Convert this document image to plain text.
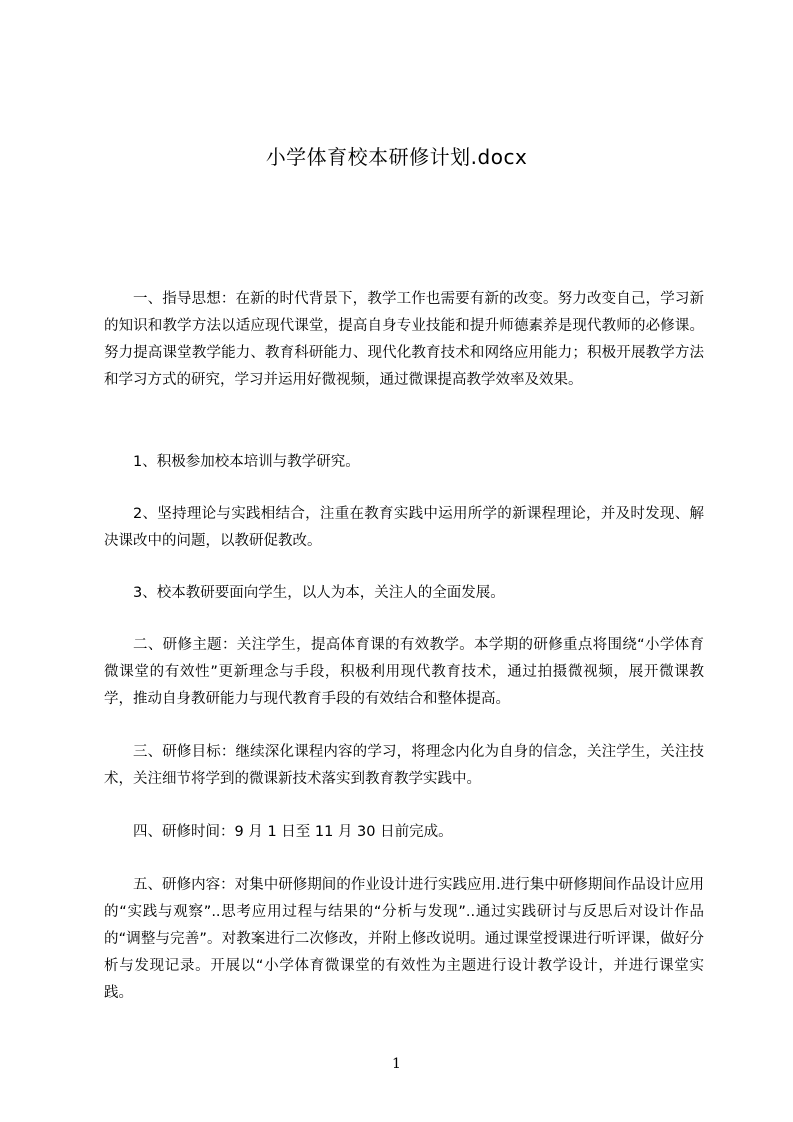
小学体育校本研修计划.docx

一、指导思想：在新的时代背景下，教学工作也需要有新的改变。努力改变自己，学习新的知识和教学方法以适应现代课堂，提高自身专业技能和提升师德素养是现代教师的必修课。努力提高课堂教学能力、教育科研能力、现代化教育技术和网络应用能力；积极开展教学方法和学习方式的研究，学习并运用好微视频，通过微课提高教学效率及效果。

1、积极参加校本培训与教学研究。

2、坚持理论与实践相结合，注重在教育实践中运用所学的新课程理论，并及时发现、解决课改中的问题，以教研促教改。

3、校本教研要面向学生，以人为本，关注人的全面发展。

二、研修主题：关注学生，提高体育课的有效教学。本学期的研修重点将围绕“小学体育微课堂的有效性”更新理念与手段，积极利用现代教育技术，通过拍摄微视频，展开微课教学，推动自身教研能力与现代教育手段的有效结合和整体提高。

三、研修目标：继续深化课程内容的学习，将理念内化为自身的信念，关注学生，关注技术，关注细节将学到的微课新技术落实到教育教学实践中。

四、研修时间：9 月 1 日至 11 月 30 日前完成。

五、研修内容：对集中研修期间的作业设计进行实践应用.进行集中研修期间作品设计应用的“实践与观察”..思考应用过程与结果的“分析与发现”..通过实践研讨与反思后对设计作品的“调整与完善”。对教案进行二次修改，并附上修改说明。通过课堂授课进行听评课，做好分析与发现记录。开展以“小学体育微课堂的有效性为主题进行设计教学设计，并进行课堂实践。

1
